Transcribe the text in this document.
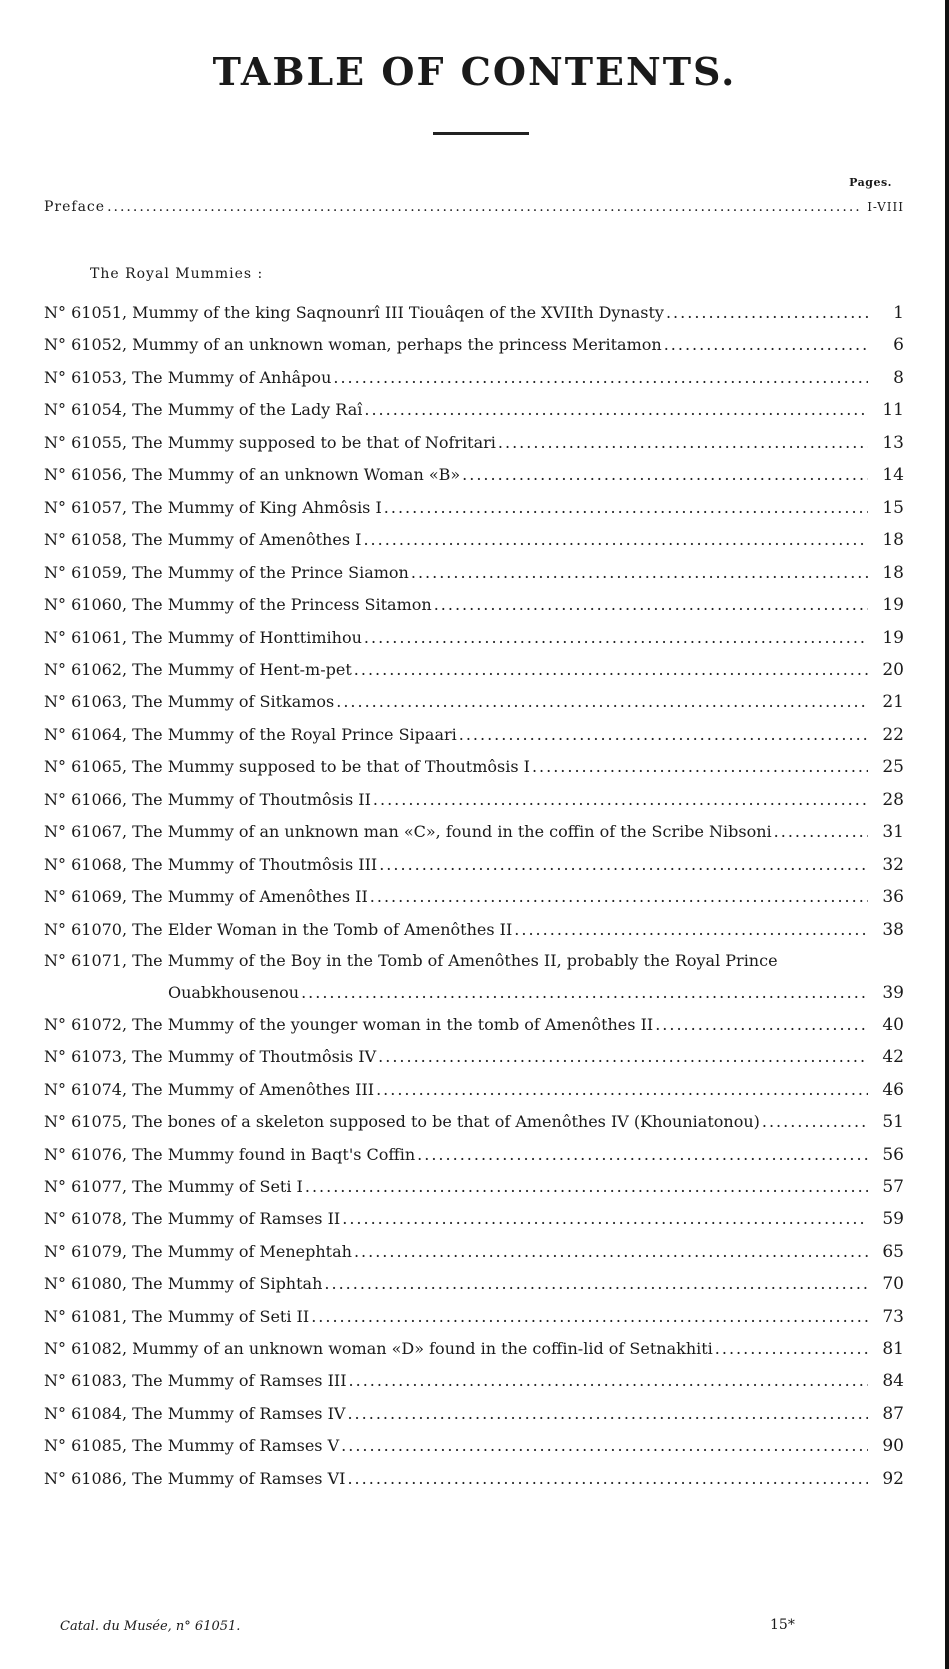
TABLE OF CONTENTS.
Pages.
Preface .....	I-VIII
The Royal Mummies :
N° 61051, Mummy of the king Saqnounrî III Tiouâqen of the XVIIth Dynasty .....	1
N° 61052, Mummy of an unknown woman, perhaps the princess Meritamon .....	6
N° 61053, The Mummy of Anhâpou .....	8
N° 61054, The Mummy of the Lady Raî .....	11
N° 61055, The Mummy supposed to be that of Nofritari .....	13
N° 61056, The Mummy of an unknown Woman «B» .....	14
N° 61057, The Mummy of King Ahmôsis I .....	15
N° 61058, The Mummy of Amenôthes I .....	18
N° 61059, The Mummy of the Prince Siamon .....	18
N° 61060, The Mummy of the Princess Sitamon .....	19
N° 61061, The Mummy of Honttimihou .....	19
N° 61062, The Mummy of Hent-m-pet .....	20
N° 61063, The Mummy of Sitkamos .....	21
N° 61064, The Mummy of the Royal Prince Sipaari .....	22
N° 61065, The Mummy supposed to be that of Thoutmôsis I .....	25
N° 61066, The Mummy of Thoutmôsis II .....	28
N° 61067, The Mummy of an unknown man «C», found in the coffin of the Scribe Nibsoni .....	31
N° 61068, The Mummy of Thoutmôsis III .....	32
N° 61069, The Mummy of Amenôthes II .....	36
N° 61070, The Elder Woman in the Tomb of Amenôthes II .....	38
N° 61071, The Mummy of the Boy in the Tomb of Amenôthes II, probably the Royal Prince
Ouabkhousenou .....	39
N° 61072, The Mummy of the younger woman in the tomb of Amenôthes II .....	40
N° 61073, The Mummy of Thoutmôsis IV .....	42
N° 61074, The Mummy of Amenôthes III .....	46
N° 61075, The bones of a skeleton supposed to be that of Amenôthes IV (Khouniatonou) .....	51
N° 61076, The Mummy found in Baqt's Coffin .....	56
N° 61077, The Mummy of Seti I .....	57
N° 61078, The Mummy of Ramses II .....	59
N° 61079, The Mummy of Menephtah .....	65
N° 61080, The Mummy of Siphtah .....	70
N° 61081, The Mummy of Seti II .....	73
N° 61082, Mummy of an unknown woman «D» found in the coffin-lid of Setnakhiti .....	81
N° 61083, The Mummy of Ramses III .....	84
N° 61084, The Mummy of Ramses IV .....	87
N° 61085, The Mummy of Ramses V .....	90
N° 61086, The Mummy of Ramses VI .....	92
Catal. du Musée, n° 61051.	15*
